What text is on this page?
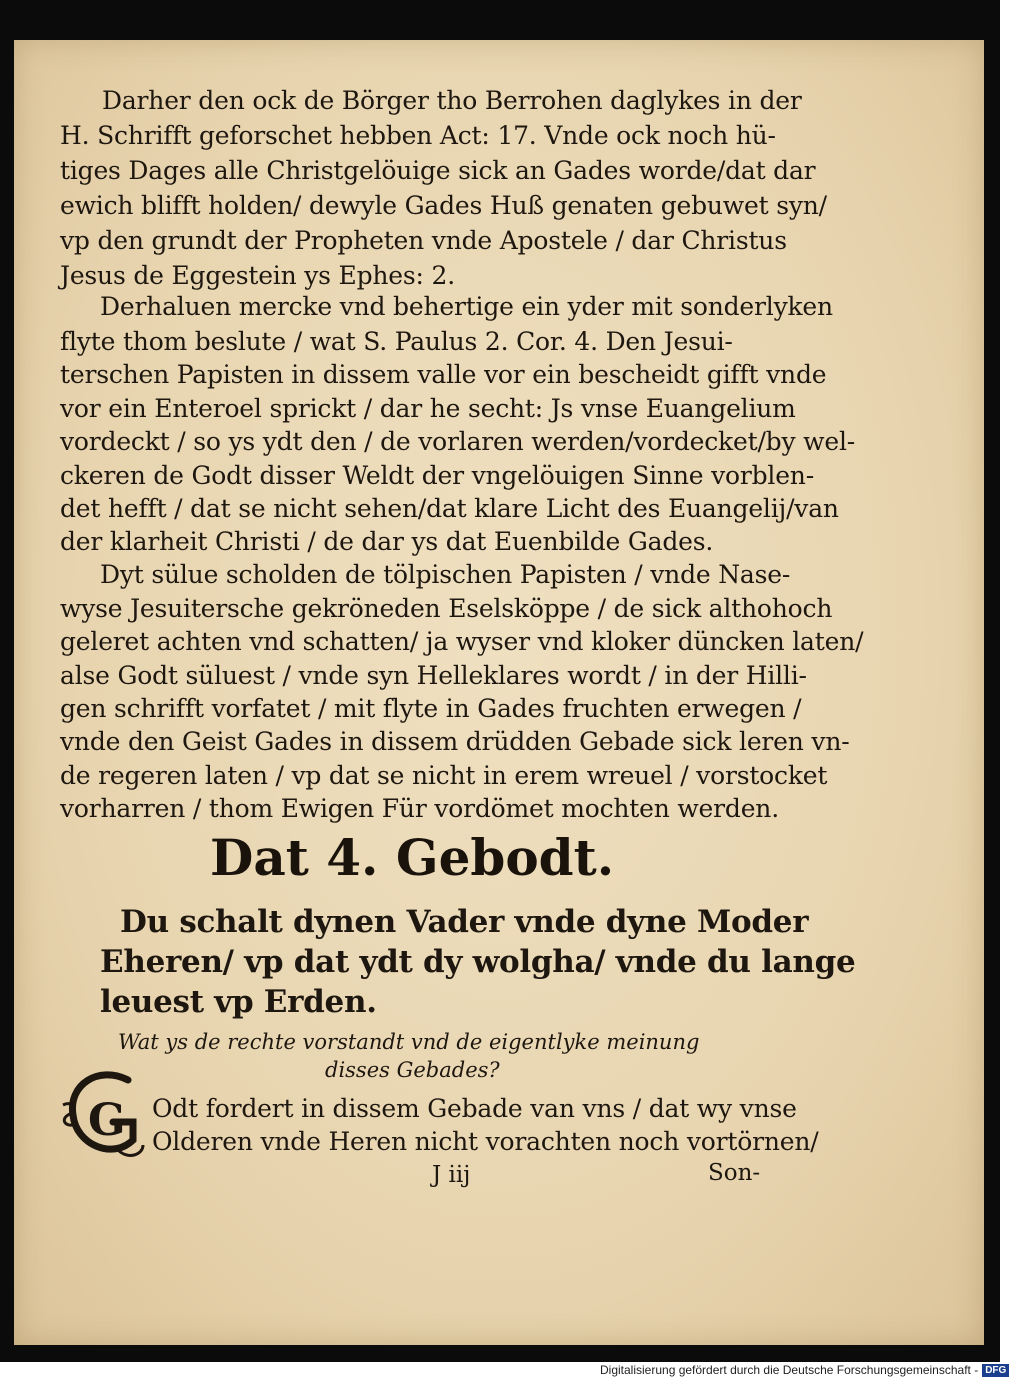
Darher den ock de Börger tho Berrohen daglykes in der
H. Schrifft geforschet hebben Act: 17. Vnde ock noch hü-
tiges Dages alle Christgelöuige sick an Gades worde/dat dar
ewich blifft holden/ dewyle Gades Huß genaten gebuwet syn/
vp den grundt der Propheten vnde Apostele / dar Christus
Jesus de Eggestein ys Ephes: 2.
Derhaluen mercke vnd behertige ein yder mit sonderlyken
flyte thom beslute / wat S. Paulus 2. Cor. 4. Den Jesui-
terschen Papisten in dissem valle vor ein bescheidt gifft vnde
vor ein Enteroel sprickt / dar he secht: Js vnse Euangelium
vordeckt / so ys ydt den / de vorlaren werden/vordecket/by wel-
ckeren de Godt disser Weldt der vngelöuigen Sinne vorblen-
det hefft / dat se nicht sehen/dat klare Licht des Euangelij/van
der klarheit Christi / de dar ys dat Euenbilde Gades.
Dyt sülue scholden de tölpischen Papisten / vnde Nase-
wyse Jesuitersche gekröneden Eselsköppe / de sick althohoch
geleret achten vnd schatten/ ja wyser vnd kloker düncken laten/
alse Godt süluest / vnde syn Helleklares wordt / in der Hilli-
gen schrifft vorfatet / mit flyte in Gades fruchten erwegen /
vnde den Geist Gades in dissem drüdden Gebade sick leren vn-
de regeren laten / vp dat se nicht in erem wreuel / vorstocket
vorharren / thom Ewigen Für vordömet mochten werden.
Dat 4. Gebodt.
Du schalt dynen Vader vnde dyne Moder
Eheren/ vp dat ydt dy wolgha/ vnde du lange
leuest vp Erden.
Wat ys de rechte vorstandt vnd de eigentlyke meinung
disses Gebades?
G Odt fordert in dissem Gebade van vns / dat wy vnse
Olderen vnde Heren nicht vorachten noch vortörnen/
J iij	Son-
Digitalisierung gefördert durch die Deutsche Forschungsgemeinschaft - DFG
